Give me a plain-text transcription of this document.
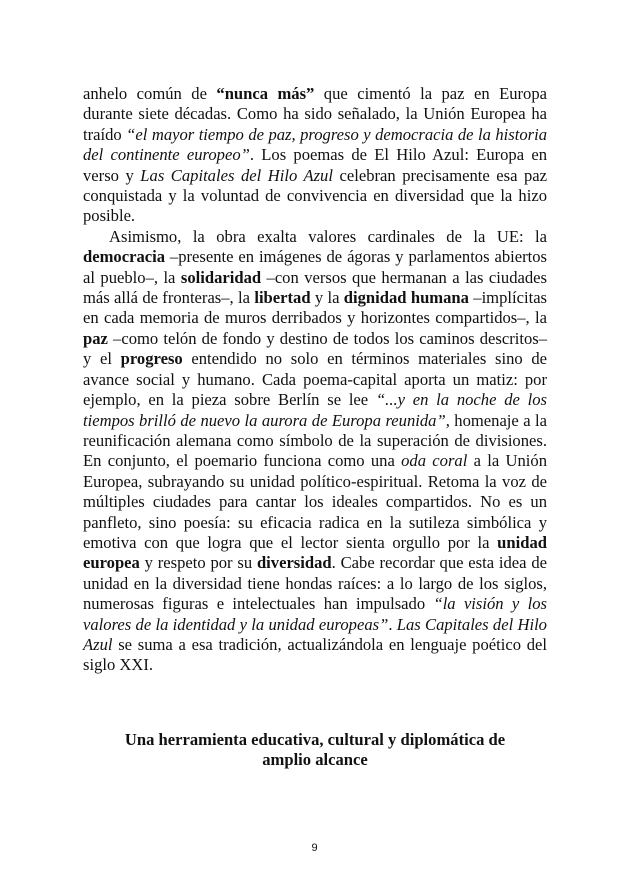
anhelo común de “nunca más” que cimentó la paz en Europa durante siete décadas. Como ha sido señalado, la Unión Europea ha traído “el mayor tiempo de paz, progreso y democracia de la historia del continente europeo”. Los poemas de El Hilo Azul: Europa en verso y Las Capitales del Hilo Azul celebran precisamente esa paz conquistada y la voluntad de convivencia en diversidad que la hizo posible.

Asimismo, la obra exalta valores cardinales de la UE: la democracia –presente en imágenes de ágoras y parlamentos abiertos al pueblo–, la solidaridad –con versos que hermanan a las ciudades más allá de fronteras–, la libertad y la dignidad humana –implícitas en cada memoria de muros derribados y horizontes compartidos–, la paz –como telón de fondo y destino de todos los caminos descritos– y el progreso entendido no solo en términos materiales sino de avance social y humano. Cada poema-capital aporta un matiz: por ejemplo, en la pieza sobre Berlín se lee “...y en la noche de los tiempos brilló de nuevo la aurora de Europa reunida”, homenaje a la reunificación alemana como símbolo de la superación de divisiones. En conjunto, el poemario funciona como una oda coral a la Unión Europea, subrayando su unidad político-espiritual. Retoma la voz de múltiples ciudades para cantar los ideales compartidos. No es un panfleto, sino poesía: su eficacia radica en la sutileza simbólica y emotiva con que logra que el lector sienta orgullo por la unidad europea y respeto por su diversidad. Cabe recordar que esta idea de unidad en la diversidad tiene hondas raíces: a lo largo de los siglos, numerosas figuras e intelectuales han impulsado “la visión y los valores de la identidad y la unidad europeas”. Las Capitales del Hilo Azul se suma a esa tradición, actualizándola en lenguaje poético del siglo XXI.

Una herramienta educativa, cultural y diplomática de
amplio alcance
9
